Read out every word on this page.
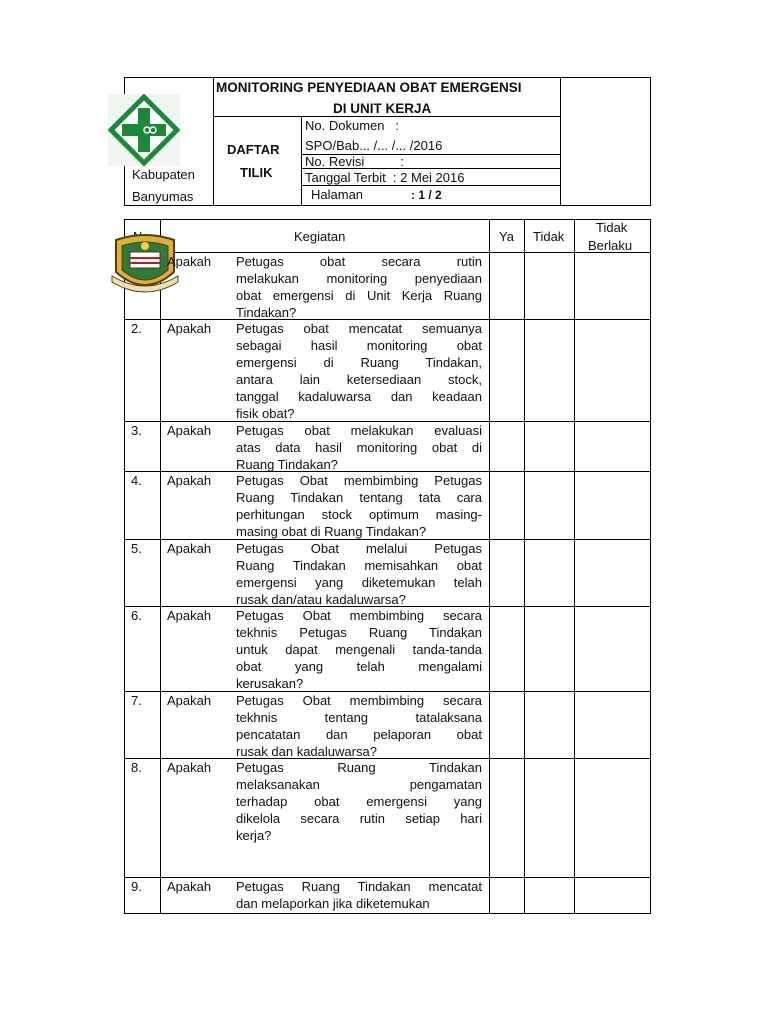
Kabupaten
Banyumas
MONITORING PENYEDIAAN OBAT EMERGENSI
DI UNIT KERJA
DAFTAR
TILIK
No. Dokumen   :
SPO/Bab... /... /... /2016
No. Revisi          :
Tanggal Terbit  : 2 Mei 2016
Halaman	: 1 / 2
Kegiatan	Ya Tidak
Tidak
Berlaku
Apakah Petugas obat secara rutin
melakukan monitoring penyediaan
obat emergensi di Unit Kerja Ruang
Tindakan?
2. Apakah Petugas obat mencatat semuanya
sebagai hasil monitoring obat
emergensi di Ruang Tindakan,
antara lain ketersediaan stock,
tanggal kadaluwarsa dan keadaan
fisik obat?
3. Apakah Petugas obat melakukan evaluasi
atas data hasil monitoring obat di
Ruang Tindakan?
4. Apakah Petugas Obat membimbing Petugas
Ruang Tindakan tentang tata cara
perhitungan stock optimum masing-
masing obat di Ruang Tindakan?
5. Apakah Petugas Obat melalui Petugas
Ruang Tindakan memisahkan obat
emergensi yang diketemukan telah
rusak dan/atau kadaluwarsa?
6. Apakah Petugas Obat membimbing secara
tekhnis Petugas Ruang Tindakan
untuk dapat mengenali tanda-tanda
obat yang telah mengalami
kerusakan?
7. Apakah Petugas Obat membimbing secara
tekhnis tentang tatalaksana
pencatatan dan pelaporan obat
rusak dan kadaluwarsa?
8. Apakah Petugas Ruang Tindakan
melaksanakan pengamatan
terhadap obat emergensi yang
dikelola secara rutin setiap hari
kerja?
9. Apakah Petugas Ruang Tindakan mencatat
dan melaporkan jika diketemukan
